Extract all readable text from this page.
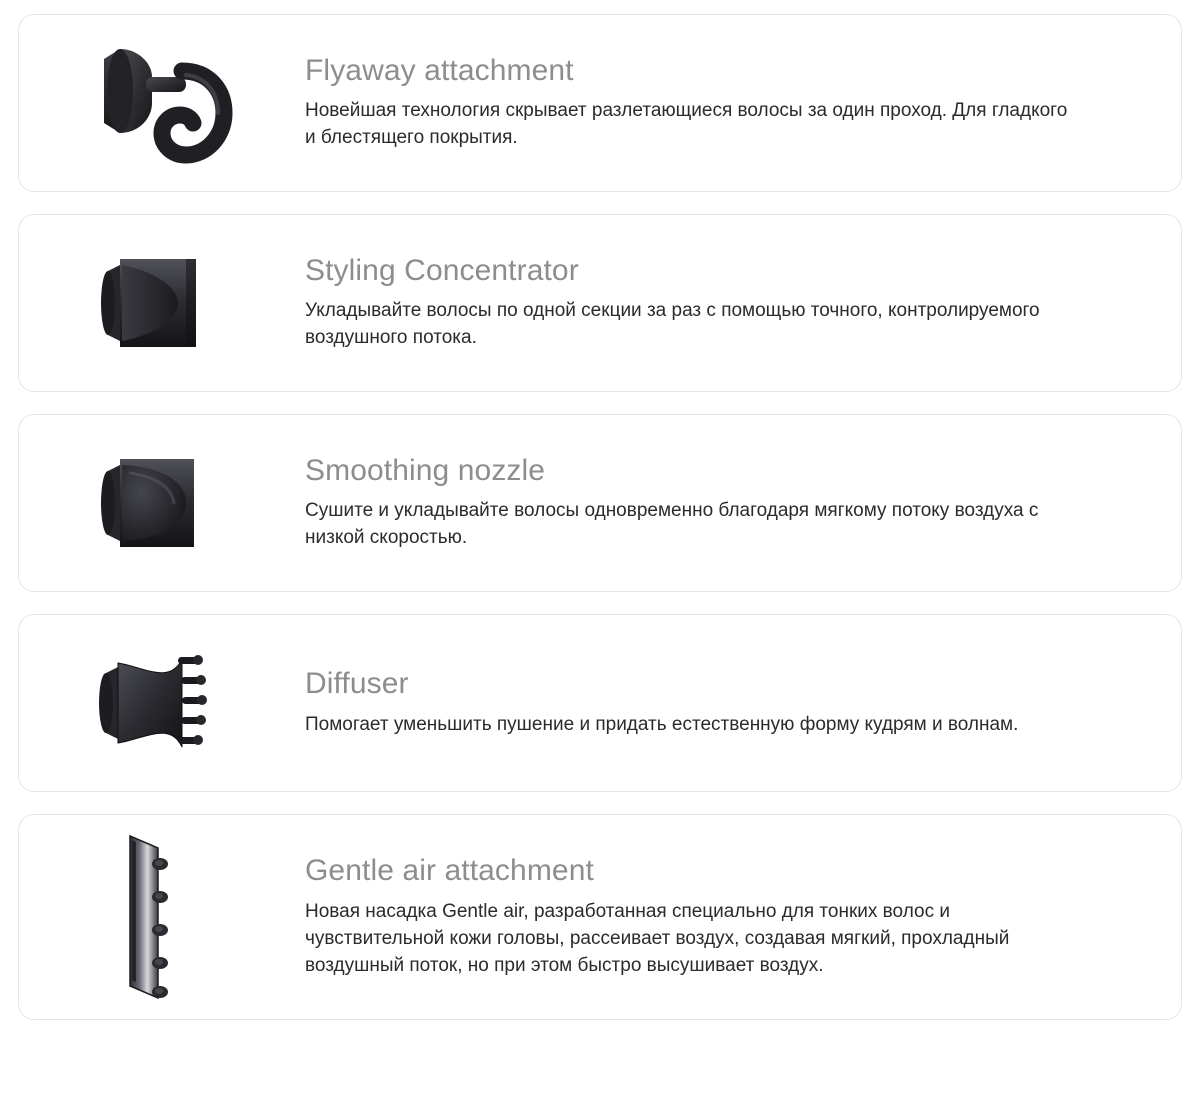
Flyaway attachment

Новейшая технология скрывает разлетающиеся волосы за один проход. Для гладкого и блестящего покрытия.

Styling Concentrator

Укладывайте волосы по одной секции за раз с помощью точного, контролируемого воздушного потока.

Smoothing nozzle

Сушите и укладывайте волосы одновременно благодаря мягкому потоку воздуха с низкой скоростью.

Diffuser

Помогает уменьшить пушение и придать естественную форму кудрям и волнам.

Gentle air attachment

Новая насадка Gentle air, разработанная специально для тонких волос и чувствительной кожи головы, рассеивает воздух, создавая мягкий, прохладный воздушный поток, но при этом быстро высушивает воздух.
